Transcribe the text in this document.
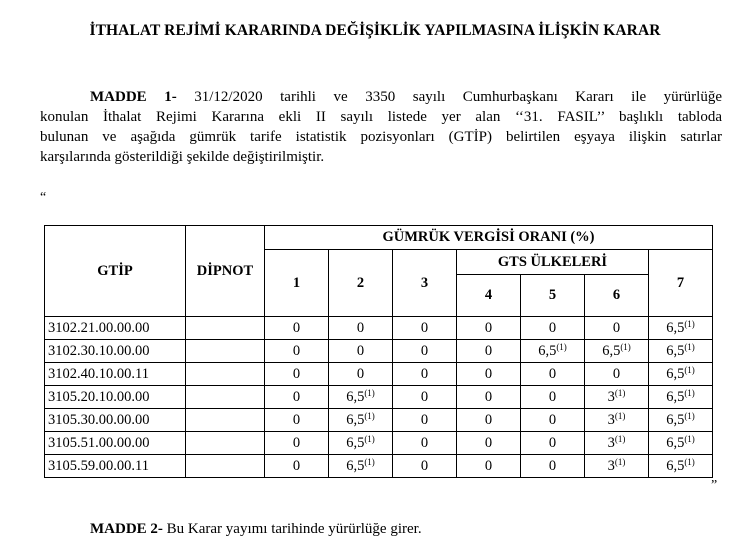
İTHALAT REJİMİ KARARINDA DEĞİŞİKLİK YAPILMASINA İLİŞKİN KARAR
MADDE 1- 31/12/2020 tarihli ve 3350 sayılı Cumhurbaşkanı Kararı ile yürürlüğe
konulan İthalat Rejimi Kararına ekli II sayılı listede yer alan ‘‘31. FASIL’’ başlıklı tabloda
bulunan ve aşağıda gümrük tarife istatistik pozisyonları (GTİP) belirtilen eşyaya ilişkin satırlar
karşılarında gösterildiği şekilde değiştirilmiştir.
“
GTİP	DİPNOT	GÜMRÜK VERGİSİ ORANI (%)						
		1	2	3	GTS ÜLKELERİ			7
					4	5	6	
3102.21.00.00.00		0	0	0	0	0	0	6,5$^{(1)}$
3102.30.10.00.00		0	0	0	0	6,5$^{(1)}$	6,5$^{(1)}$	6,5$^{(1)}$
3102.40.10.00.11		0	0	0	0	0	0	6,5$^{(1)}$
3105.20.10.00.00		0	6,5$^{(1)}$	0	0	0	3$^{(1)}$	6,5$^{(1)}$
3105.30.00.00.00		0	6,5$^{(1)}$	0	0	0	3$^{(1)}$	6,5$^{(1)}$
3105.51.00.00.00		0	6,5$^{(1)}$	0	0	0	3$^{(1)}$	6,5$^{(1)}$
3105.59.00.00.11		0	6,5$^{(1)}$	0	0	0	3$^{(1)}$	6,5$^{(1)}$
”
MADDE 2- Bu Karar yayımı tarihinde yürürlüğe girer.
